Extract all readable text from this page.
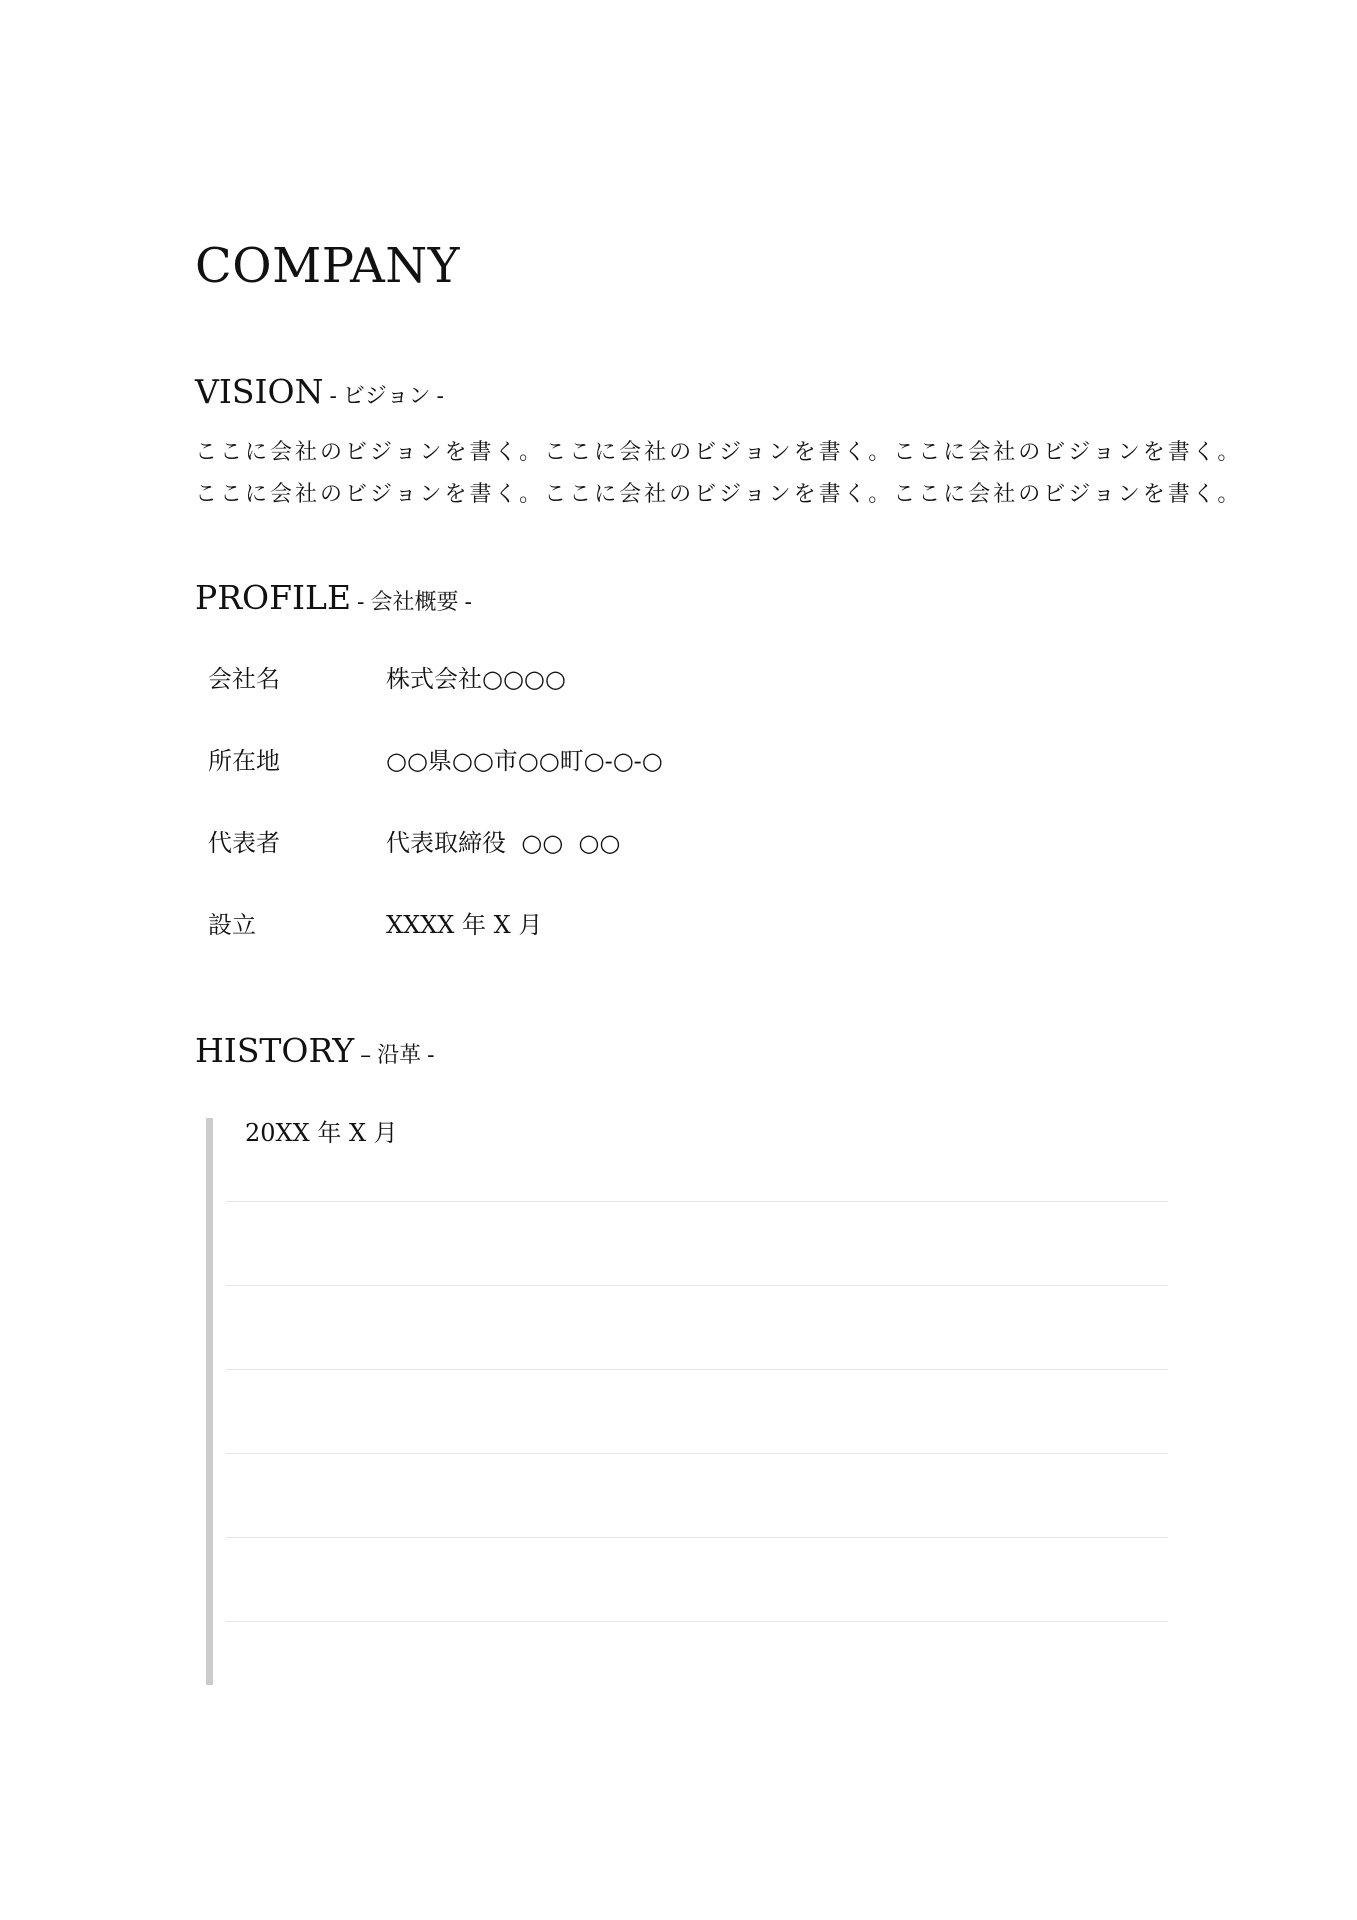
COMPANY
VISION - ビジョン -

ここに会社のビジョンを書く。ここに会社のビジョンを書く。ここに会社のビジョンを書く。

ここに会社のビジョンを書く。ここに会社のビジョンを書く。ここに会社のビジョンを書く。

PROFILE - 会社概要 -
会社名	株式会社○○○○
所在地	○○県○○市○○町○-○-○
代表者	代表取締役  ○○  ○○
設立	XXXX 年 X 月
HISTORY – 沿革 -
20XX 年 X 月
